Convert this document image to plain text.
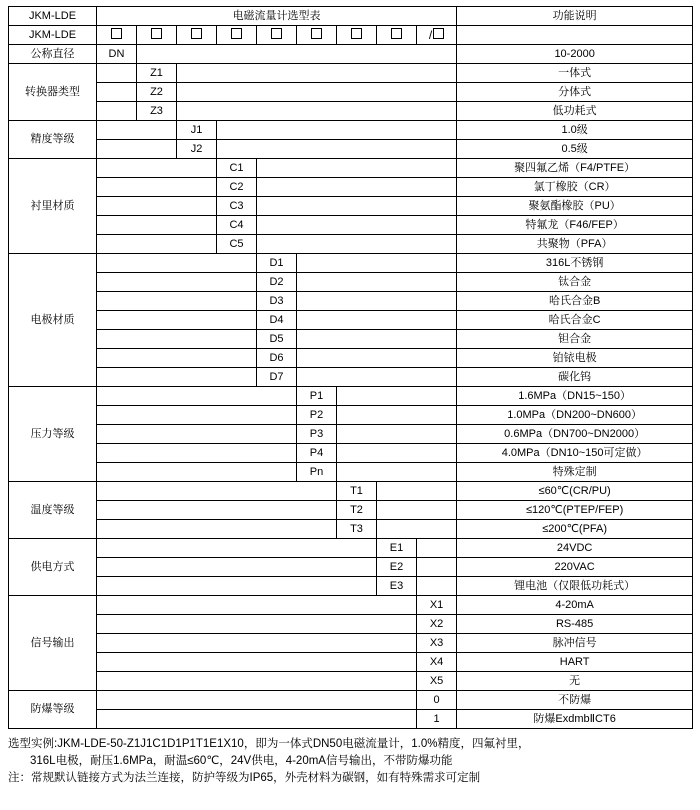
JKM-LDE	电磁流量计选型表									功能说明
JKM-LDE									/	
公称直径	DN									10-2000
转换器类型		Z1								一体式
		Z2								分体式
		Z3								低功耗式
精度等级			J1							1.0级
			J2							0.5级
衬里材质				C1						聚四氟乙烯（F4/PTFE）
				C2						氯丁橡胶（CR）
				C3						聚氨酯橡胶（PU）
				C4						特氟龙（F46/FEP）
				C5						共聚物（PFA）
电极材质					D1					316L不锈钢
					D2					钛合金
					D3					哈氏合金B
					D4					哈氏合金C
					D5					钽合金
					D6					铂铱电极
					D7					碳化钨
压力等级						P1				1.6MPa（DN15~150）
						P2				1.0MPa（DN200~DN600）
						P3				0.6MPa（DN700~DN2000）
						P4				4.0MPa（DN10~150可定做）
						Pn				特殊定制
温度等级							T1			≤60℃(CR/PU)
							T2			≤120℃(PTEP/FEP)
							T3			≤200℃(PFA)
供电方式								E1		24VDC
								E2		220VAC
								E3		锂电池（仅限低功耗式）
信号输出									X1	4-20mA
									X2	RS-485
									X3	脉冲信号
									X4	HART
									X5	无
防爆等级									0	不防爆
									1	防爆ExdmbⅡCT6
选型实例:JKM-LDE-50-Z1J1C1D1P1T1E1X10，即为一体式DN50电磁流量计，1.0%精度，四氟衬里，
316L电极，耐压1.6MPa，耐温≤60℃，24V供电，4-20mA信号输出，不带防爆功能
注：常规默认链接方式为法兰连接，防护等级为IP65，外壳材料为碳钢，如有特殊需求可定制
